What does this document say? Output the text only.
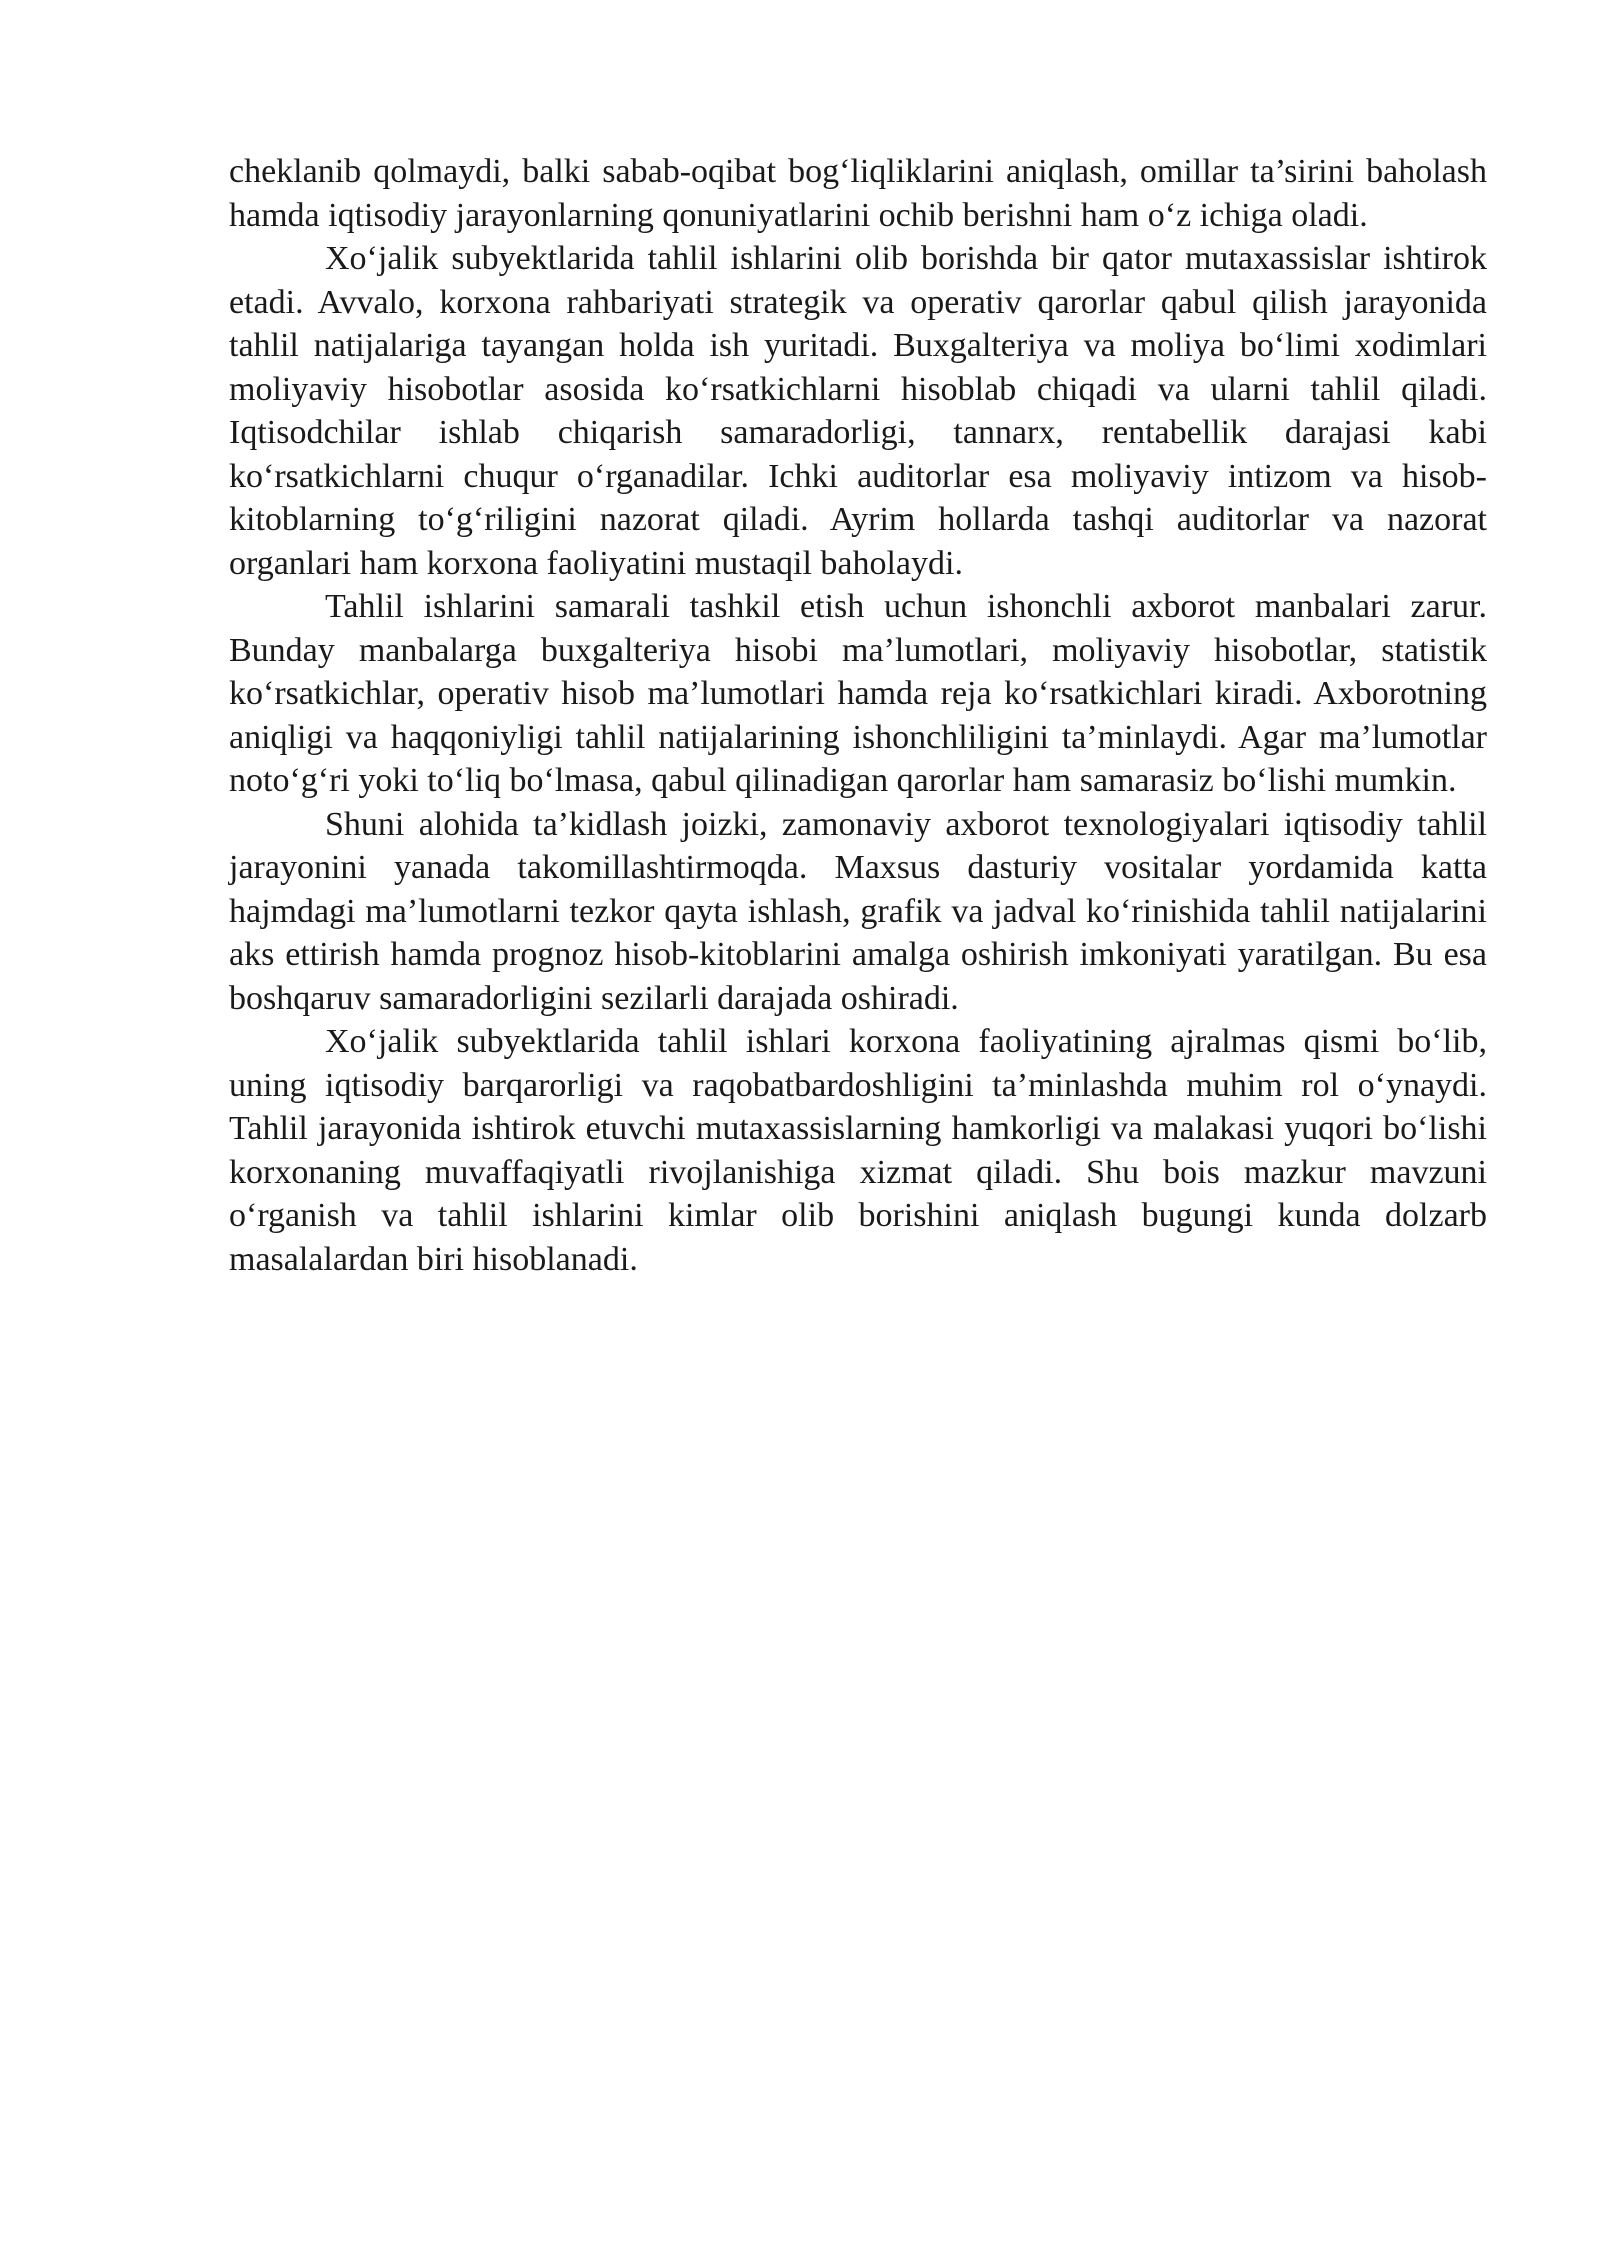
cheklanib qolmaydi, balki sabab-oqibat bog‘liqliklarini aniqlash, omillar ta’sirini baholash hamda iqtisodiy jarayonlarning qonuniyatlarini ochib berishni ham o‘z ichiga oladi.

Xo‘jalik subyektlarida tahlil ishlarini olib borishda bir qator mutaxassislar ishtirok etadi. Avvalo, korxona rahbariyati strategik va operativ qarorlar qabul qilish jarayonida tahlil natijalariga tayangan holda ish yuritadi. Buxgalteriya va moliya bo‘limi xodimlari moliyaviy hisobotlar asosida ko‘rsatkichlarni hisoblab chiqadi va ularni tahlil qiladi. Iqtisodchilar ishlab chiqarish samaradorligi, tannarx, rentabellik darajasi kabi ko‘rsatkichlarni chuqur o‘rganadilar. Ichki auditorlar esa moliyaviy intizom va hisob-kitoblarning to‘g‘riligini nazorat qiladi. Ayrim hollarda tashqi auditorlar va nazorat organlari ham korxona faoliyatini mustaqil baholaydi.

Tahlil ishlarini samarali tashkil etish uchun ishonchli axborot manbalari zarur. Bunday manbalarga buxgalteriya hisobi ma’lumotlari, moliyaviy hisobotlar, statistik ko‘rsatkichlar, operativ hisob ma’lumotlari hamda reja ko‘rsatkichlari kiradi. Axborotning aniqligi va haqqoniyligi tahlil natijalarining ishonchliligini ta’minlaydi. Agar ma’lumotlar noto‘g‘ri yoki to‘liq bo‘lmasa, qabul qilinadigan qarorlar ham samarasiz bo‘lishi mumkin.

Shuni alohida ta’kidlash joizki, zamonaviy axborot texnologiyalari iqtisodiy tahlil jarayonini yanada takomillashtirmoqda. Maxsus dasturiy vositalar yordamida katta hajmdagi ma’lumotlarni tezkor qayta ishlash, grafik va jadval ko‘rinishida tahlil natijalarini aks ettirish hamda prognoz hisob-kitoblarini amalga oshirish imkoniyati yaratilgan. Bu esa boshqaruv samaradorligini sezilarli darajada oshiradi.

Xo‘jalik subyektlarida tahlil ishlari korxona faoliyatining ajralmas qismi bo‘lib, uning iqtisodiy barqarorligi va raqobatbardoshligini ta’minlashda muhim rol o‘ynaydi. Tahlil jarayonida ishtirok etuvchi mutaxassislarning hamkorligi va malakasi yuqori bo‘lishi korxonaning muvaffaqiyatli rivojlanishiga xizmat qiladi. Shu bois mazkur mavzuni o‘rganish va tahlil ishlarini kimlar olib borishini aniqlash bugungi kunda dolzarb masalalardan biri hisoblanadi.
